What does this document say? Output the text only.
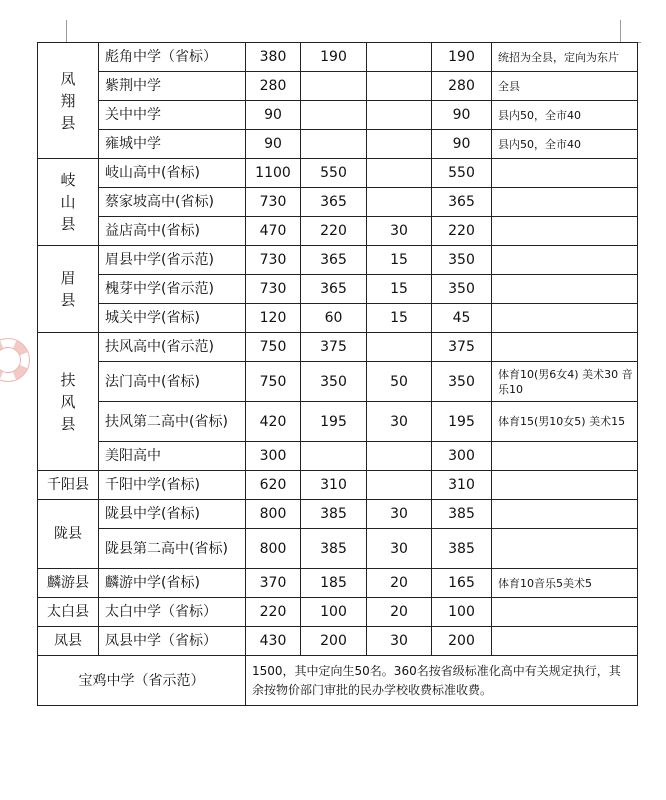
凤翔县	彪角中学（省标）	380	190		190	统招为全县，定向为东片
	紫荆中学	280			280	全县
	关中中学	90			90	县内50，全市40
	雍城中学	90			90	县内50，全市40
岐山县	岐山高中(省标)	1100	550		550	
	蔡家坡高中(省标)	730	365		365	
	益店高中(省标)	470	220	30	220	
眉县	眉县中学(省示范)	730	365	15	350	
	槐芽中学(省示范)	730	365	15	350	
	城关中学(省标)	120	60	15	45	
扶风县	扶风高中(省示范)	750	375		375	
	法门高中(省标)	750	350	50	350	体育10(男6女4) 美术30 音乐10
	扶风第二高中(省标)	420	195	30	195	体育15(男10女5) 美术15
	美阳高中	300			300	
千阳县	千阳中学(省标)	620	310		310	
陇县	陇县中学(省标)	800	385	30	385	
	陇县第二高中(省标)	800	385	30	385	
麟游县	麟游中学(省标)	370	185	20	165	体育10音乐5美术5
太白县	太白中学（省标）	220	100	20	100	
凤县	凤县中学（省标）	430	200	30	200	
宝鸡中学（省示范）		1500，其中定向生50名。360名按省级标准化高中有关规定执行，其余按物价部门审批的民办学校收费标准收费。				
